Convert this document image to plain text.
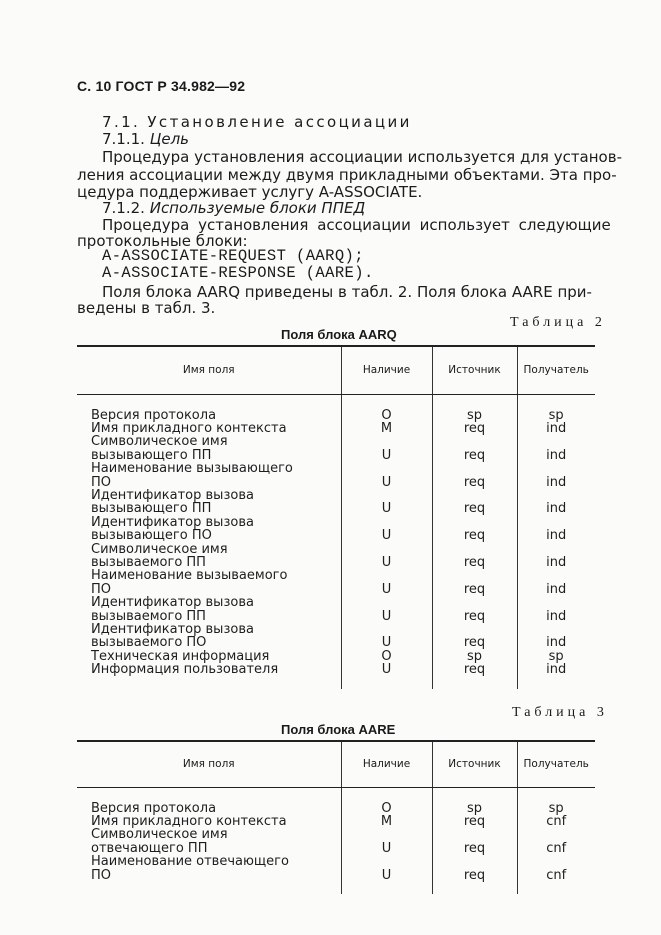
С. 10 ГОСТ Р 34.982—92
7.1. Установление ассоциации
7.1.1. Цель
Процедура установления ассоциации используется для установ-
ления ассоциации между двумя прикладными объектами. Эта про-
цедура поддерживает услугу A-ASSOCIATE.
7.1.2. Используемые блоки ППЕД
Процедура установления ассоциации использует следующие
протокольные блоки:
A-ASSOCIATE-REQUEST (AARQ);
A-ASSOCIATE-RESPONSE (AARE).
Поля блока AARQ приведены в табл. 2. Поля блока AARE при-
ведены в табл. 3.
Таблица 2
Поля блока AARQ
Имя поля	Наличие	Источник	Получатель

Версия протокола	O	sp	sp

Имя прикладного контекста	M	req	ind

Символическое имя
вызывающего ПП	U	req	ind

Наименование вызывающего
ПО	U	req	ind

Идентификатор вызова
вызывающего ПП	U	req	ind

Идентификатор вызова
вызывающего ПО	U	req	ind

Символическое имя
вызываемого ПП	U	req	ind

Наименование вызываемого
ПО	U	req	ind

Идентификатор вызова
вызываемого ПП	U	req	ind

Идентификатор вызова
вызываемого ПО	U	req	ind

Техническая информация	O	sp	sp

Информация пользователя	U	req	ind

Таблица 3
Поля блока AARE
Имя поля	Наличие	Источник	Получатель

Версия протокола	O	sp	sp

Имя прикладного контекста	M	req	cnf

Символическое имя
отвечающего ПП	U	req	cnf

Наименование отвечающего
ПО	U	req	cnf
